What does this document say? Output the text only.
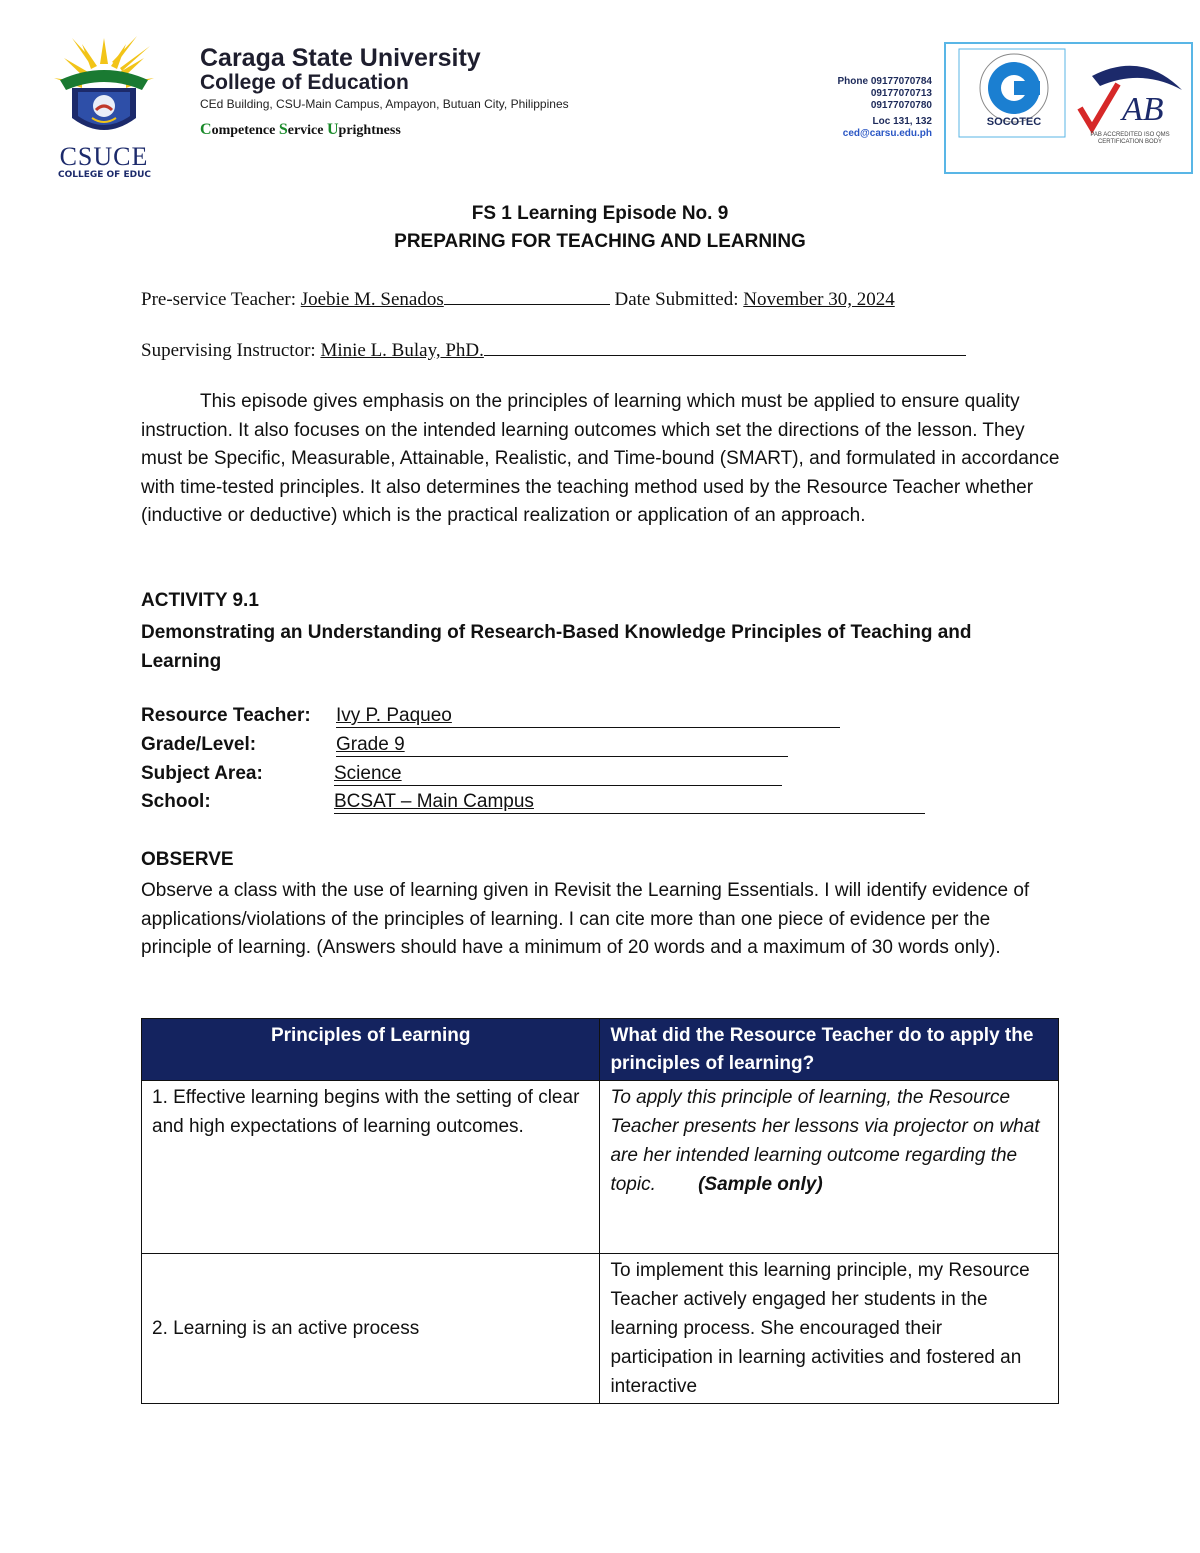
CSUCE
COLLEGE OF EDUC
Caraga State University
College of Education
CEd Building, CSU-Main Campus, Ampayon, Butuan City, Philippines
Competence Service Uprightness
Phone 09177070784
09177070713
09177070780
Loc 131, 132
ced@carsu.edu.ph
SOCOTEC	AB
PAB ACCREDITED ISO QMS CERTIFICATION BODY
FS 1 Learning Episode No. 9
PREPARING FOR TEACHING AND LEARNING
Pre-service Teacher: Joebie M. Senados	Date Submitted: November 30, 2024
Supervising Instructor: Minie L. Bulay, PhD.
This episode gives emphasis on the principles of learning which must be applied to ensure quality instruction. It also focuses on the intended learning outcomes which set the directions of the lesson. They must be Specific, Measurable, Attainable, Realistic, and Time-bound (SMART), and formulated in accordance with time-tested principles. It also determines the teaching method used by the Resource Teacher whether (inductive or deductive) which is the practical realization or application of an approach.
ACTIVITY 9.1
Demonstrating an Understanding of Research-Based Knowledge Principles of Teaching and Learning
Resource Teacher: Ivy P. Paqueo
Grade/Level:	Grade 9
Subject Area:	Science
School:	BCSAT – Main Campus
OBSERVE
Observe a class with the use of learning given in Revisit the Learning Essentials. I will identify evidence of applications/violations of the principles of learning. I can cite more than one piece of evidence per the principle of learning. (Answers should have a minimum of 20 words and a maximum of 30 words only).
Principles of Learning	What did the Resource Teacher do to apply the principles of learning?
1. Effective learning begins with the setting of clear and high expectations of learning outcomes.	To apply this principle of learning, the Resource Teacher presents her lessons via projector on what are her intended learning outcome regarding the topic. (Sample only)
2. Learning is an active process	To implement this learning principle, my Resource Teacher actively engaged her students in the learning process. She encouraged their participation in learning activities and fostered an interactive
